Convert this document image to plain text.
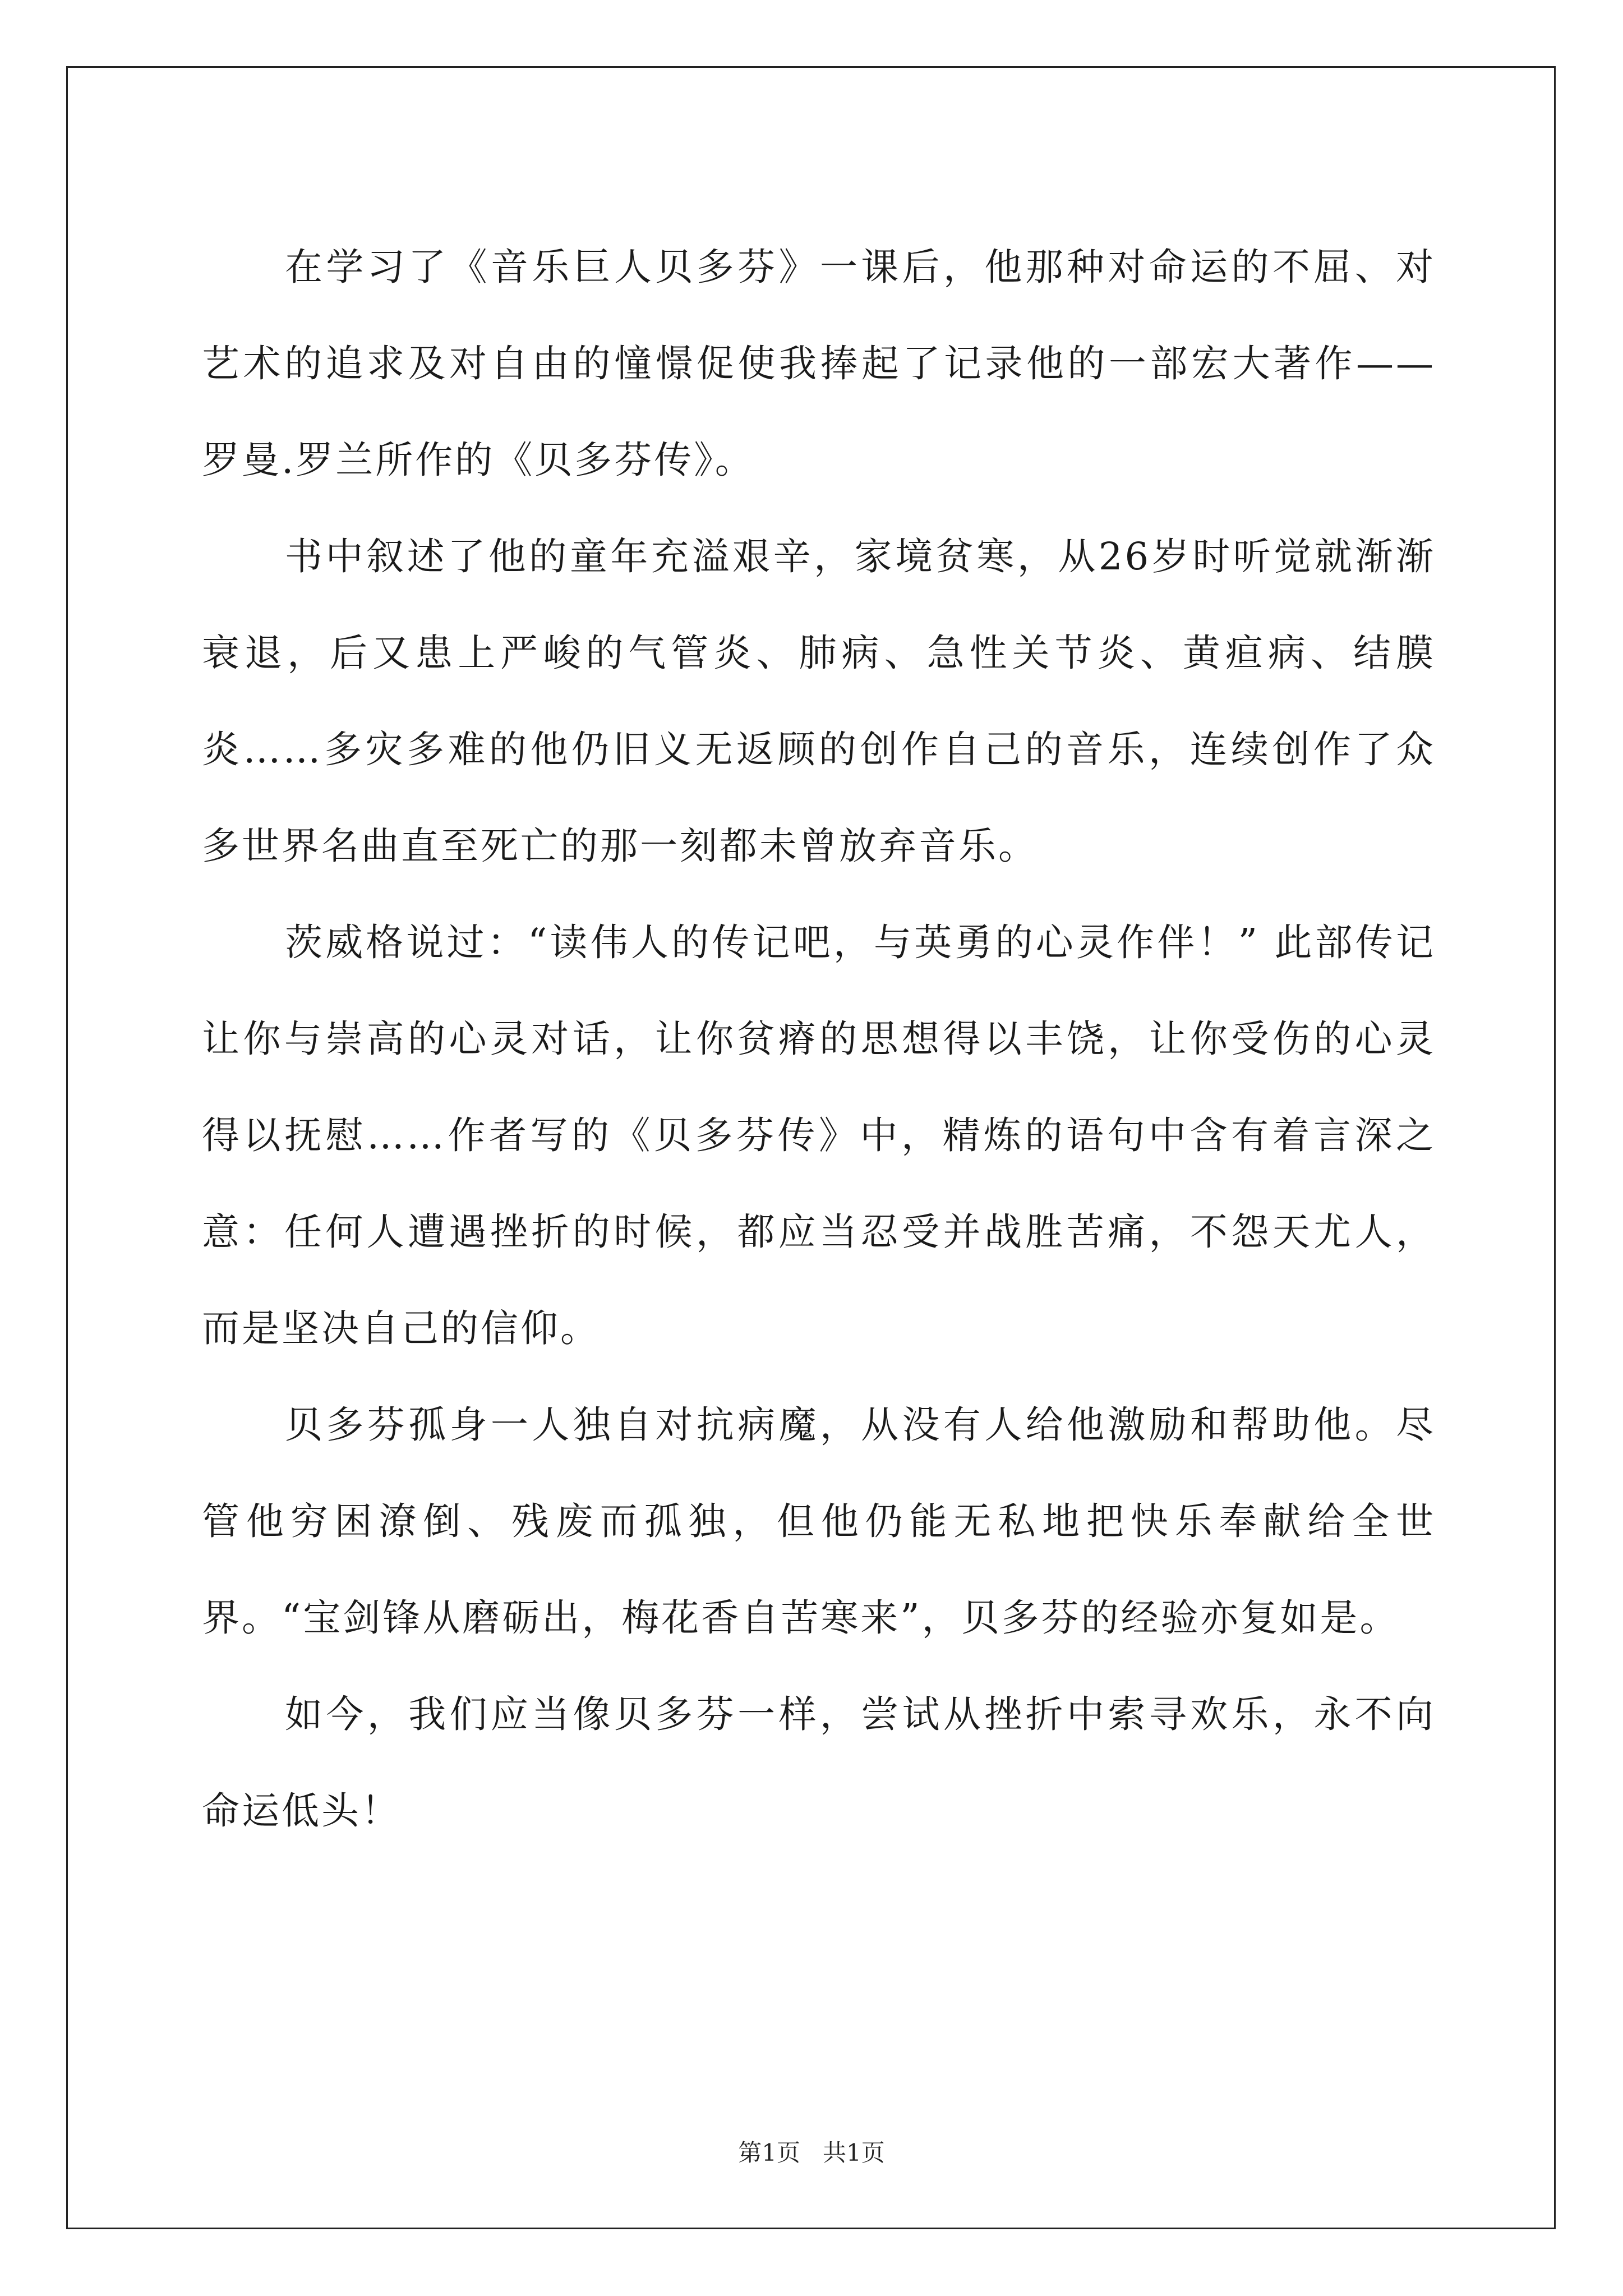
在学习了《音乐巨人贝多芬》一课后，他那种对命运的不屈、对艺术的追求及对自由的憧憬促使我捧起了记录他的一部宏大著作——罗曼.罗兰所作的《贝多芬传》。

书中叙述了他的童年充溢艰辛，家境贫寒，从26岁时听觉就渐渐衰退，后又患上严峻的气管炎、肺病、急性关节炎、黄疸病、结膜炎……多灾多难的他仍旧义无返顾的创作自己的音乐，连续创作了众多世界名曲直至死亡的那一刻都未曾放弃音乐。

茨威格说过：“读伟人的传记吧，与英勇的心灵作伴！” 此部传记让你与崇高的心灵对话，让你贫瘠的思想得以丰饶，让你受伤的心灵得以抚慰……作者写的《贝多芬传》中，精炼的语句中含有着言深之意：任何人遭遇挫折的时候，都应当忍受并战胜苦痛，不怨天尤人，而是坚决自己的信仰。

贝多芬孤身一人独自对抗病魔，从没有人给他激励和帮助他。尽管他穷困潦倒、残废而孤独，但他仍能无私地把快乐奉献给全世界。“宝剑锋从磨砺出，梅花香自苦寒来”，贝多芬的经验亦复如是。

如今，我们应当像贝多芬一样，尝试从挫折中索寻欢乐，永不向命运低头！

第1页 共1页
